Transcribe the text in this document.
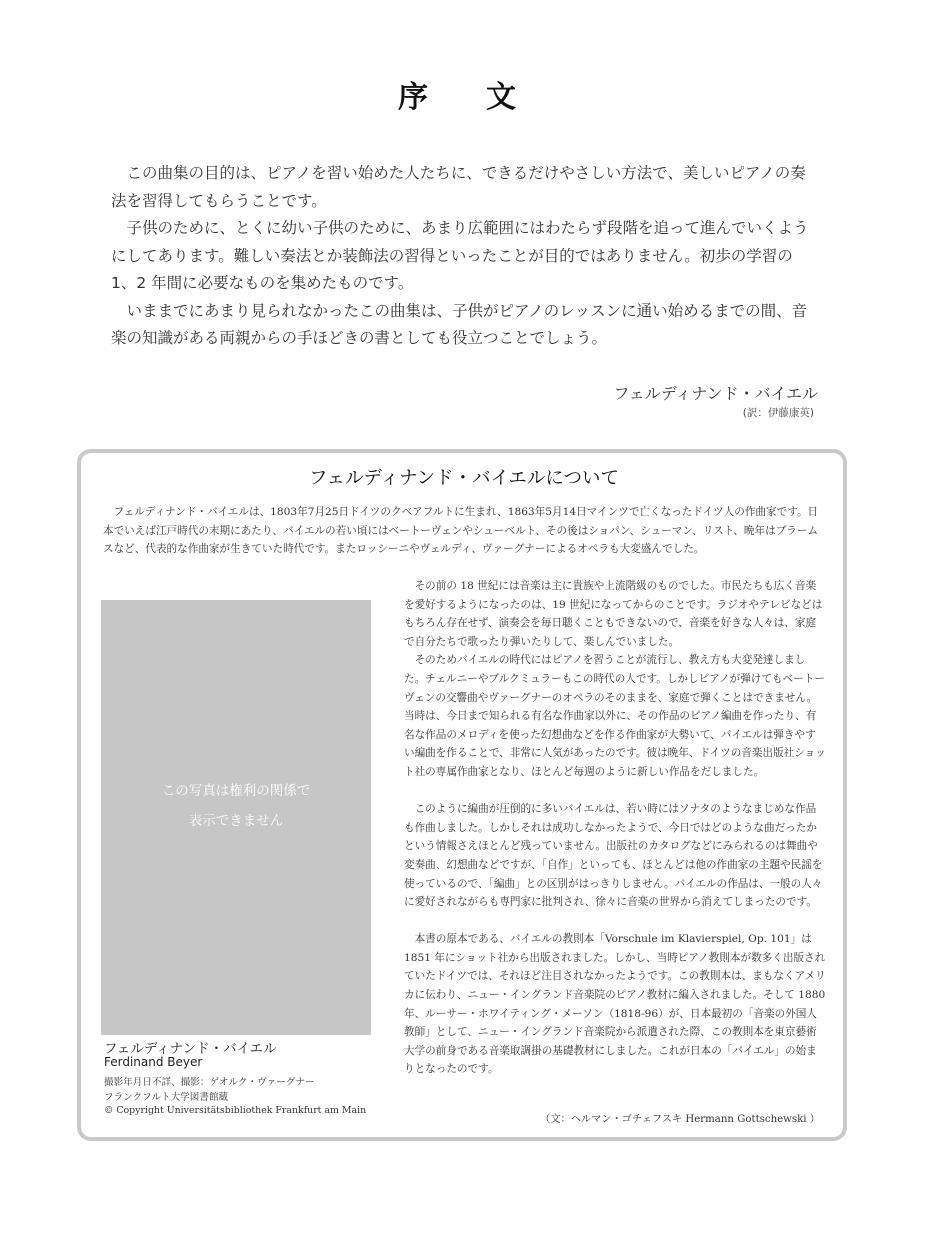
序　文

この曲集の目的は、ピアノを習い始めた人たちに、できるだけやさしい方法で、美しいピアノの奏法を習得してもらうことです。

子供のために、とくに幼い子供のために、あまり広範囲にはわたらず段階を追って進んでいくようにしてあります。難しい奏法とか装飾法の習得といったことが目的ではありません。初歩の学習の 1、2 年間に必要なものを集めたものです。

いままでにあまり見られなかったこの曲集は、子供がピアノのレッスンに通い始めるまでの間、音楽の知識がある両親からの手ほどきの書としても役立つことでしょう。

フェルディナンド・バイエル
(訳：伊藤康英)
フェルディナンド・バイエルについて

フェルディナンド・バイエルは、1803年7月25日ドイツのクベアフルトに生まれ、1863年5月14日マインツで亡くなったドイツ人の作曲家です。日本でいえば江戸時代の末期にあたり、バイエルの若い頃にはベートーヴェンやシューベルト、その後はショパン、シューマン、リスト、晩年はブラームスなど、代表的な作曲家が生きていた時代です。またロッシーニやヴェルディ、ヴァーグナーによるオペラも大変盛んでした。

この写真は権利の関係で
表示できません
フェルディナンド・バイエル
Ferdinand Beyer
撮影年月日不詳、撮影：ゲオルク・ヴァーグナー
フランクフルト大学図書館蔵
© Copyright Universitätsbibliothek Frankfurt am Main

その前の 18 世紀には音楽は主に貴族や上流階級のものでした。市民たちも広く音楽を愛好するようになったのは、19 世紀になってからのことです。ラジオやテレビなどはもちろん存在せず、演奏会を毎日聴くこともできないので、音楽を好きな人々は、家庭で自分たちで歌ったり弾いたりして、楽しんでいました。

そのためバイエルの時代にはピアノを習うことが流行し、教え方も大変発達しました。チェルニーやブルクミュラーもこの時代の人です。しかしピアノが弾けてもベートーヴェンの交響曲やヴァーグナーのオペラのそのままを、家庭で弾くことはできません。当時は、今日まで知られる有名な作曲家以外に、その作品のピアノ編曲を作ったり、有名な作品のメロディを使った幻想曲などを作る作曲家が大勢いて、バイエルは弾きやすい編曲を作ることで、非常に人気があったのです。彼は晩年、ドイツの音楽出版社ショット社の専属作曲家となり、ほとんど毎週のように新しい作品をだしました。

このように編曲が圧倒的に多いバイエルは、若い時にはソナタのようなまじめな作品も作曲しました。しかしそれは成功しなかったようで、今日ではどのような曲だったかという情報さえほとんど残っていません。出版社のカタログなどにみられるのは舞曲や変奏曲、幻想曲などですが、「自作」といっても、ほとんどは他の作曲家の主題や民謡を使っているので、「編曲」との区別がはっきりしません。バイエルの作品は、一般の人々に愛好されながらも専門家に批判され、徐々に音楽の世界から消えてしまったのです。

本書の原本である、バイエルの教則本「Vorschule im Klavierspiel, Op. 101」は 1851 年にショット社から出版されました。しかし、当時ピアノ教則本が数多く出版されていたドイツでは、それほど注目されなかったようです。この教則本は、まもなくアメリカに伝わり、ニュー・イングランド音楽院のピアノ教材に編入されました。そして 1880 年、ルーサー・ホワイティング・メーソン（1818-96）が、日本最初の「音楽の外国人教師」として、ニュー・イングランド音楽院から派遣された際、この教則本を東京藝術大学の前身である音楽取調掛の基礎教材にしました。これが日本の「バイエル」の始まりとなったのです。

（文：ヘルマン・ゴチェフスキ Hermann Gottschewski ）
